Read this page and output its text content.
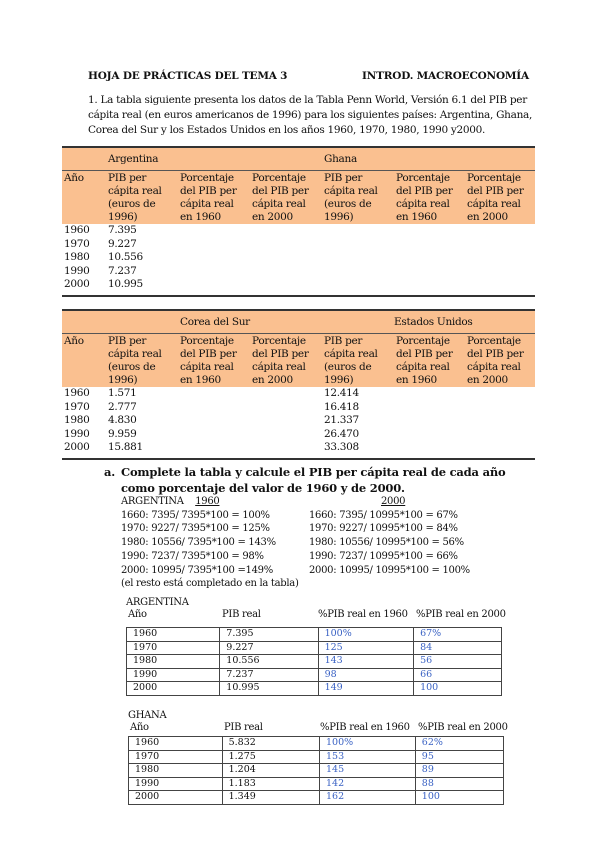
HOJA DE PRÁCTICAS DEL TEMA 3	INTROD. MACROECONOMÍA
1. La tabla siguiente presenta los datos de la Tabla Penn World, Versión 6.1 del PIB per cápita real (en euros americanos de 1996) para los siguientes países: Argentina, Ghana, Corea del Sur y los Estados Unidos en los años 1960, 1970, 1980, 1990 y2000.
	Argentina			Ghana		
Año	PIB per cápita real (euros de 1996)	Porcentaje del PIB per cápita real en 1960	Porcentaje del PIB per cápita real en 2000	PIB per cápita real (euros de 1996)	Porcentaje del PIB per cápita real en 1960	Porcentaje del PIB per cápita real en 2000
1960	7.395					
1970	9.227					
1980	10.556					
1990	7.237					
2000	10.995					
		Corea del Sur			Estados Unidos	
Año	PIB per cápita real (euros de 1996)	Porcentaje del PIB per cápita real en 1960	Porcentaje del PIB per cápita real en 2000	PIB per cápita real (euros de 1996)	Porcentaje del PIB per cápita real en 1960	Porcentaje del PIB per cápita real en 2000
1960	1.571			12.414		
1970	2.777			16.418		
1980	4.830			21.337		
1990	9.959			26.470		
2000	15.881			33.308		
a. Complete la tabla y calcule el PIB per cápita real de cada año como porcentaje del valor de 1960 y de 2000.
ARGENTINA 1960
1660: 7395/ 7395*100 = 100%
1970: 9227/ 7395*100 = 125%
1980: 10556/ 7395*100 = 143%
1990: 7237/ 7395*100 = 98%
2000: 10995/ 7395*100 =149%
(el resto está completado en la tabla)
2000
1660: 7395/ 10995*100 = 67%
1970: 9227/ 10995*100 = 84%
1980: 10556/ 10995*100 = 56%
1990: 7237/ 10995*100 = 66%
2000: 10995/ 10995*100 = 100%
ARGENTINA
Año	PIB real	%PIB real en 1960 %PIB real en 2000
1960	7.395	100%	67%
1970	9.227	125	84
1980	10.556	143	56
1990	7.237	98	66
2000	10.995	149	100
GHANA
Año	PIB real	%PIB real en 1960 %PIB real en 2000
1960	5.832	100%	62%
1970	1.275	153	95
1980	1.204	145	89
1990	1.183	142	88
2000	1.349	162	100
